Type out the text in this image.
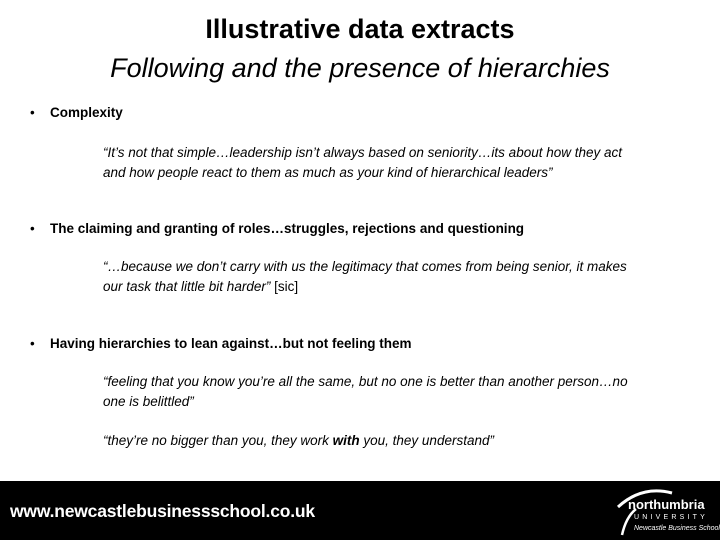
Illustrative data extracts
Following and the presence of hierarchies
• Complexity
“It’s not that simple…leadership isn’t always based on seniority…its about how they act
and how people react to them as much as your kind of hierarchical leaders”
• The claiming and granting of roles…struggles, rejections and questioning
“…because we don’t carry with us the legitimacy that comes from being senior, it makes
our task that little bit harder” [sic]
• Having hierarchies to lean against…but not feeling them
“feeling that you know you’re all the same, but no one is better than another person…no
one is belittled”
“they’re no bigger than you, they work with you, they understand”
www.newcastlebusinessschool.co.uk	northumbria
UNIVERSITY
Newcastle Business School
